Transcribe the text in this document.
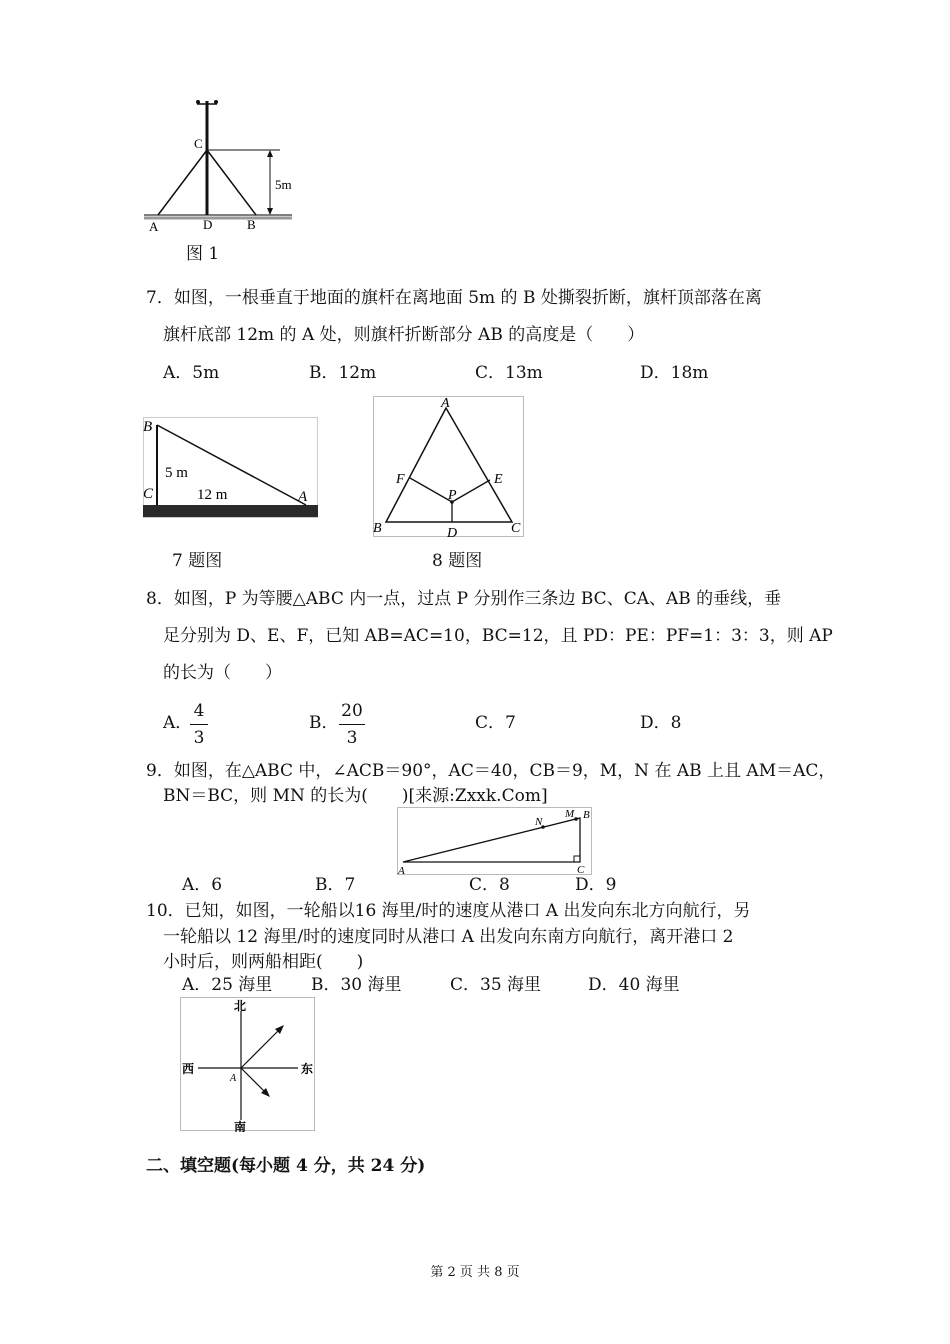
C
D
A	B
5m
图 1
7．如图，一根垂直于地面的旗杆在离地面 5m 的 B 处撕裂折断，旗杆顶部落在离
旗杆底部 12m 的 A 处，则旗杆折断部分 AB 的高度是（　　）
A．5m	B．12m	C．13m	D．18m
B
C	A
5 m
12 m
7 题图
A
B	C
D
E
F
P
8 题图
8．如图，P 为等腰△ABC 内一点，过点 P 分别作三条边 BC、CA、AB 的垂线，垂
足分别为 D、E、F，已知 AB=AC=10，BC=12，且 PD：PE：PF=1：3：3，则 AP
的长为（　　）
A．
4
3
B．
20
3
C．7	D．8
9．如图，在△ABC 中，∠ACB＝90°，AC＝40，CB＝9，M，N 在 AB 上且 AM＝AC，
BN＝BC，则 MN 的长为(　　)[来源:Zxxk.Com]
A	C
B
M
N
A．6	B．7	C．8	D．9
10．已知，如图，一轮船以16 海里/时的速度从港口 A 出发向东北方向航行，另
一轮船以 12 海里/时的速度同时从港口 A 出发向东南方向航行，离开港口 2
小时后，则两船相距(　　)
A．25 海里 B．30 海里	C．35 海里	D．40 海里
北
南
东
西
A
二、填空题(每小题 4 分，共 24 分)
第 2 页 共 8 页
